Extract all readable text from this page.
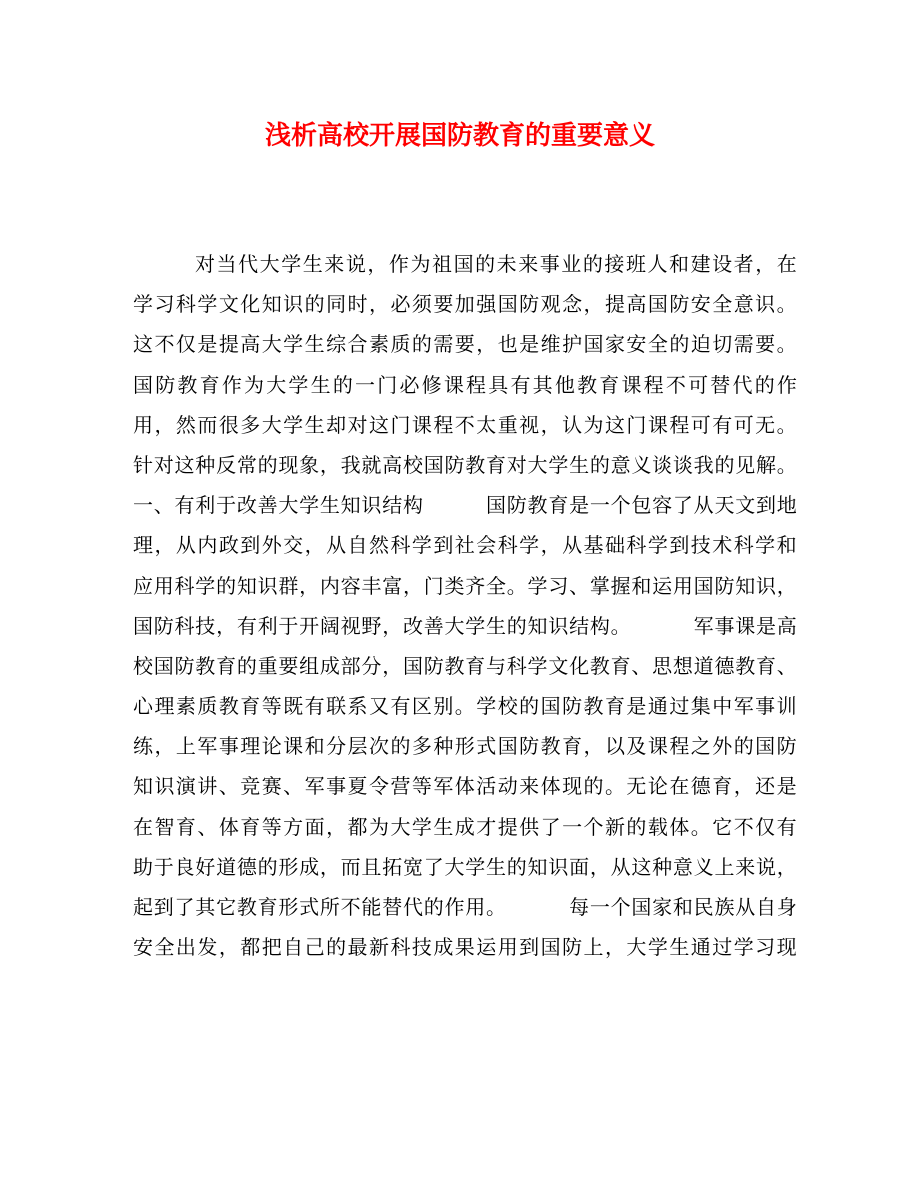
浅析高校开展国防教育的重要意义
对 当 代 大 学 生 来 说 ， 作 为 祖 国 的 未 来 事 业 的 接 班 人 和 建 设 者 ， 在
学 习 科 学 文 化 知 识 的 同 时 ， 必 须 要 加 强 国 防 观 念 ， 提 高 国 防 安 全 意 识 。
这 不 仅 是 提 高 大 学 生 综 合 素 质 的 需 要 ， 也 是 维 护 国 家 安 全 的 迫 切 需 要 。
国 防 教 育 作 为 大 学 生 的 一 门 必 修 课 程 具 有 其 他 教 育 课 程 不 可 替 代 的 作
用 ， 然 而 很 多 大 学 生 却 对 这 门 课 程 不 太 重 视 ， 认 为 这 门 课 程 可 有 可 无 。
针 对 这 种 反 常 的 现 象 ， 我 就 高 校 国 防 教 育 对 大 学 生 的 意 义 谈 谈 我 的 见 解 。
一 、 有 利 于 改 善 大 学 生 知 识 结 构

　	国 防 教 育 是 一 个 包 容 了 从 天 文 到 地
理 ， 从 内 政 到 外 交 ， 从 自 然 科 学 到 社 会 科 学 ， 从 基 础 科 学 到 技 术 科 学 和
应 用 科 学 的 知 识 群 ， 内 容 丰 富 ， 门 类 齐 全 。 学 习 、 掌 握 和 运 用 国 防 知 识 ，
国 防 科 技 ， 有 利 于 开 阔 视 野 ， 改 善 大 学 生 的 知 识 结 构 。

　	军 事 课 是 高
校 国 防 教 育 的 重 要 组 成 部 分 ， 国 防 教 育 与 科 学 文 化 教 育 、 思 想 道 德 教 育 、
心 理 素 质 教 育 等 既 有 联 系 又 有 区 别 。 学 校 的 国 防 教 育 是 通 过 集 中 军 事 训
练 ， 上 军 事 理 论 课 和 分 层 次 的 多 种 形 式 国 防 教 育 ， 以 及 课 程 之 外 的 国 防
知 识 演 讲 、 竞 赛 、 军 事 夏 令 营 等 军 体 活 动 来 体 现 的 。 无 论 在 德 育 ， 还 是
在 智 育 、 体 育 等 方 面 ， 都 为 大 学 生 成 才 提 供 了 一 个 新 的 载 体 。 它 不 仅 有
助 于 良 好 道 德 的 形 成 ， 而 且 拓 宽 了 大 学 生 的 知 识 面 ， 从 这 种 意 义 上 来 说 ，
起 到 了 其 它 教 育 形 式 所 不 能 替 代 的 作 用 。

　	每 一 个 国 家 和 民 族 从 自 身
安 全 出 发 ， 都 把 自 己 的 最 新 科 技 成 果 运 用 到 国 防 上 ， 大 学 生 通 过 学 习 现
